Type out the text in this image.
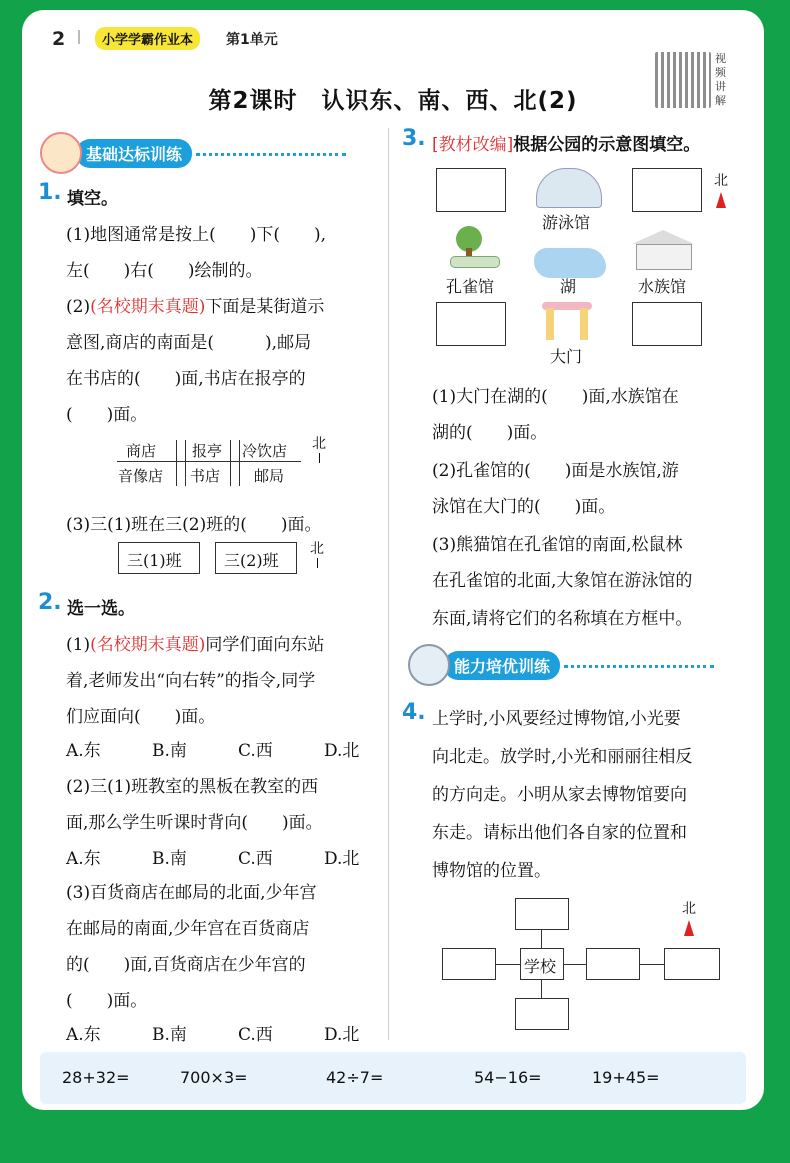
2	小学学霸作业本	第1单元
视频讲解
第2课时　认识东、南、西、北(2)
基础达标训练
1. 填空。
(1)地图通常是按上(　　)下(　　),
左(　　)右(　　)绘制的。
(2)(名校期末真题)下面是某街道示
意图,商店的南面是(　　　),邮局
在书店的(　　)面,书店在报亭的
(　　)面。
商店 报亭 冷饮店
音像店 书店 邮局
北
(3)三(1)班在三(2)班的(　　)面。
三(1)班	三(2)班
北
2. 选一选。
(1)(名校期末真题)同学们面向东站
着,老师发出“向右转”的指令,同学
们应面向(　　)面。
A.东	B.南	C.西	D.北
(2)三(1)班教室的黑板在教室的西
面,那么学生听课时背向(　　)面。
A.东	B.南	C.西	D.北
(3)百货商店在邮局的北面,少年宫
在邮局的南面,少年宫在百货商店
的(　　)面,百货商店在少年宫的
(　　)面。
A.东	B.南	C.西	D.北
3. [教材改编]根据公园的示意图填空。
游泳馆
北
孔雀馆	湖	水族馆
大门
(1)大门在湖的(　　)面,水族馆在
湖的(　　)面。
(2)孔雀馆的(　　)面是水族馆,游
泳馆在大门的(　　)面。
(3)熊猫馆在孔雀馆的南面,松鼠林
在孔雀馆的北面,大象馆在游泳馆的
东面,请将它们的名称填在方框中。
能力培优训练
4. 上学时,小风要经过博物馆,小光要
向北走。放学时,小光和丽丽往相反
的方向走。小明从家去博物馆要向
东走。请标出他们各自家的位置和
博物馆的位置。
学校
北
28+32=	700×3=	42÷7=	54−16=	19+45=
